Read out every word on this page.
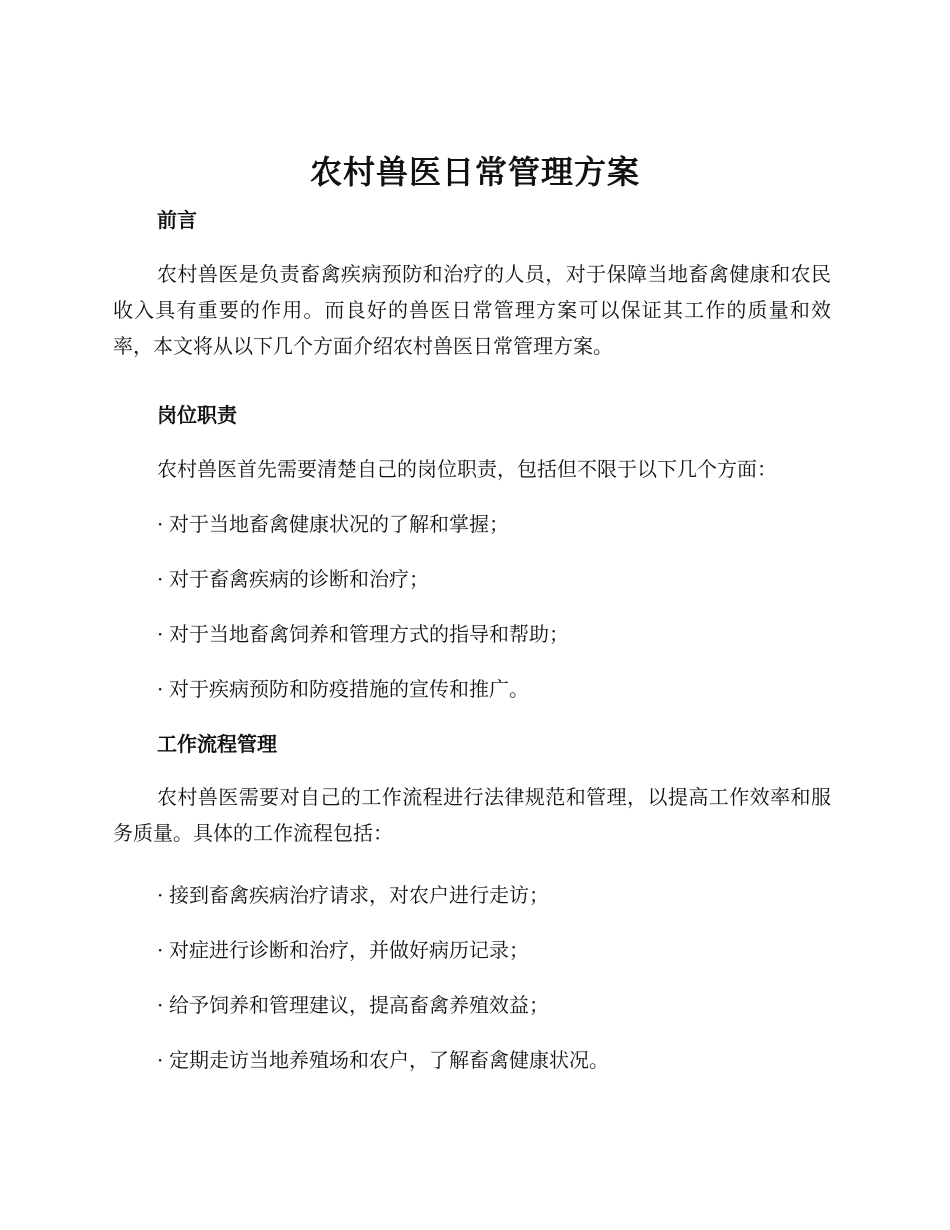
农村兽医日常管理方案
前言

农村兽医是负责畜禽疾病预防和治疗的人员，对于保障当地畜禽健康和农民收入具有重要的作用。而良好的兽医日常管理方案可以保证其工作的质量和效率，本文将从以下几个方面介绍农村兽医日常管理方案。

岗位职责
农村兽医首先需要清楚自己的岗位职责，包括但不限于以下几个方面：
· 对于当地畜禽健康状况的了解和掌握；
· 对于畜禽疾病的诊断和治疗；
· 对于当地畜禽饲养和管理方式的指导和帮助；
· 对于疾病预防和防疫措施的宣传和推广。
工作流程管理

农村兽医需要对自己的工作流程进行法律规范和管理，以提高工作效率和服务质量。具体的工作流程包括：

· 接到畜禽疾病治疗请求，对农户进行走访；
· 对症进行诊断和治疗，并做好病历记录；
· 给予饲养和管理建议，提高畜禽养殖效益；
· 定期走访当地养殖场和农户，了解畜禽健康状况。
